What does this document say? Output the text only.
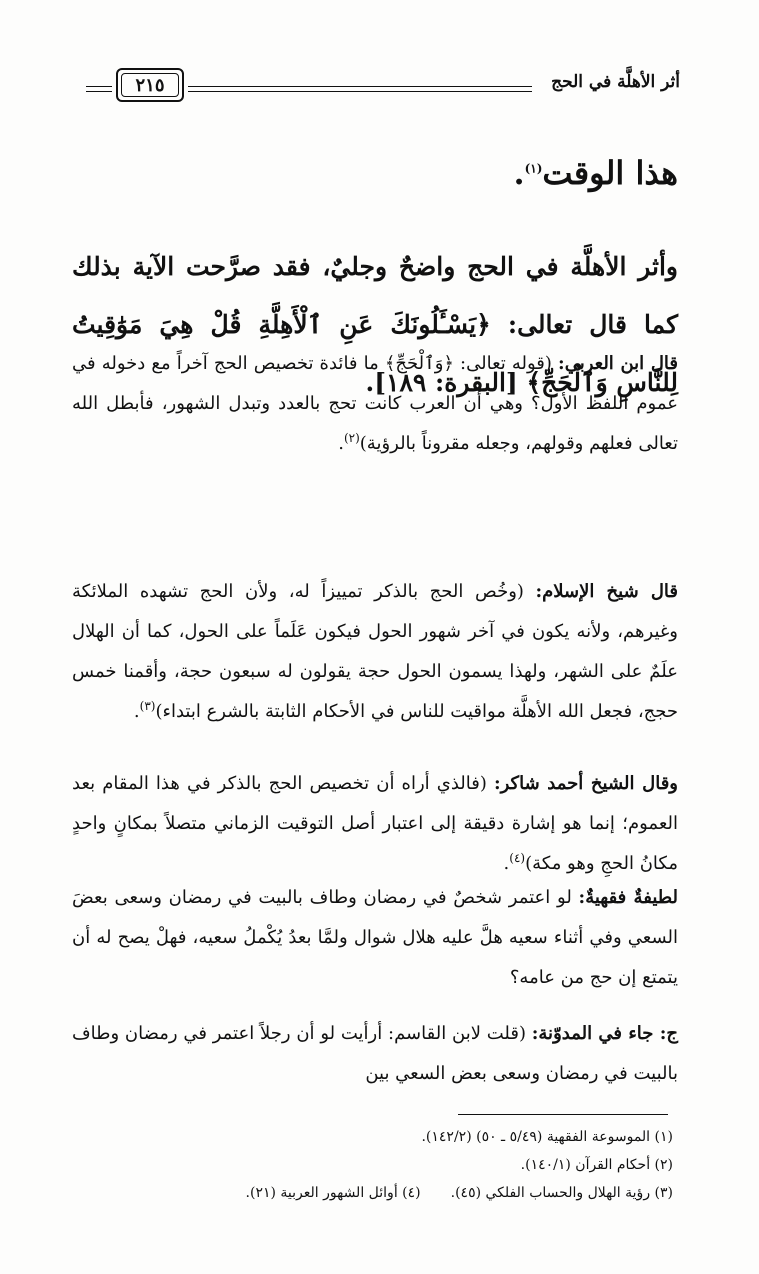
٢١٥	أثر الأهلَّة في الحج
هذا الوقت$^{(١)}$.
وأثر الأهلَّة في الحج واضحٌ وجليٌ، فقد صرَّحت الآية بذلك كما قال تعالى: ﴿يَسْـَٔلُونَكَ عَنِ ٱلْأَهِلَّةِ قُلْ هِيَ مَوَٰقِيتُ لِلنَّاسِ وَٱلْحَجِّ﴾ [البقرة: ١٨٩].
قال ابن العربي: (قوله تعالى: ﴿وَٱلْحَجِّ﴾ ما فائدة تخصيص الحج آخراً مع دخوله في عموم اللفظ الأول؟ وهي أن العرب كانت تحج بالعدد وتبدل الشهور، فأبطل الله تعالى فعلهم وقولهم، وجعله مقروناً بالرؤية)$^{(٢)}$.
قال شيخ الإسلام: (وخُص الحج بالذكر تمييزاً له، ولأن الحج تشهده الملائكة وغيرهم، ولأنه يكون في آخر شهور الحول فيكون عَلَماً على الحول، كما أن الهلال علَمٌ على الشهر، ولهذا يسمون الحول حجة يقولون له سبعون حجة، وأقمنا خمس حجج، فجعل الله الأهلَّة مواقيت للناس في الأحكام الثابتة بالشرع ابتداء)$^{(٣)}$.
وقال الشيخ أحمد شاكر: (فالذي أراه أن تخصيص الحج بالذكر في هذا المقام بعد العموم؛ إنما هو إشارة دقيقة إلى اعتبار أصل التوقيت الزماني متصلاً بمكانٍ واحدٍ مكانُ الحجِ وهو مكة)$^{(٤)}$.
لطيفةٌ فقهيةٌ: لو اعتمر شخصٌ في رمضان وطاف بالبيت في رمضان وسعى بعضَ السعي وفي أثناء سعيه هلَّ عليه هلال شوال ولمَّا بعدُ يُكْملُ سعيه، فهلْ يصح له أن يتمتع إن حج من عامه؟
ج: جاء في المدوّنة: (قلت لابن القاسم: أرأيت لو أن رجلاً اعتمر في رمضان وطاف بالبيت في رمضان وسعى بعض السعي بين
(١) الموسوعة الفقهية (٥/٤٩ ـ ٥٠) (١٤٢/٢).
(٢) أحكام القرآن (١٤٠/١).
(٣) رؤية الهلال والحساب الفلكي (٤٥).(٤) أوائل الشهور العربية (٢١).
